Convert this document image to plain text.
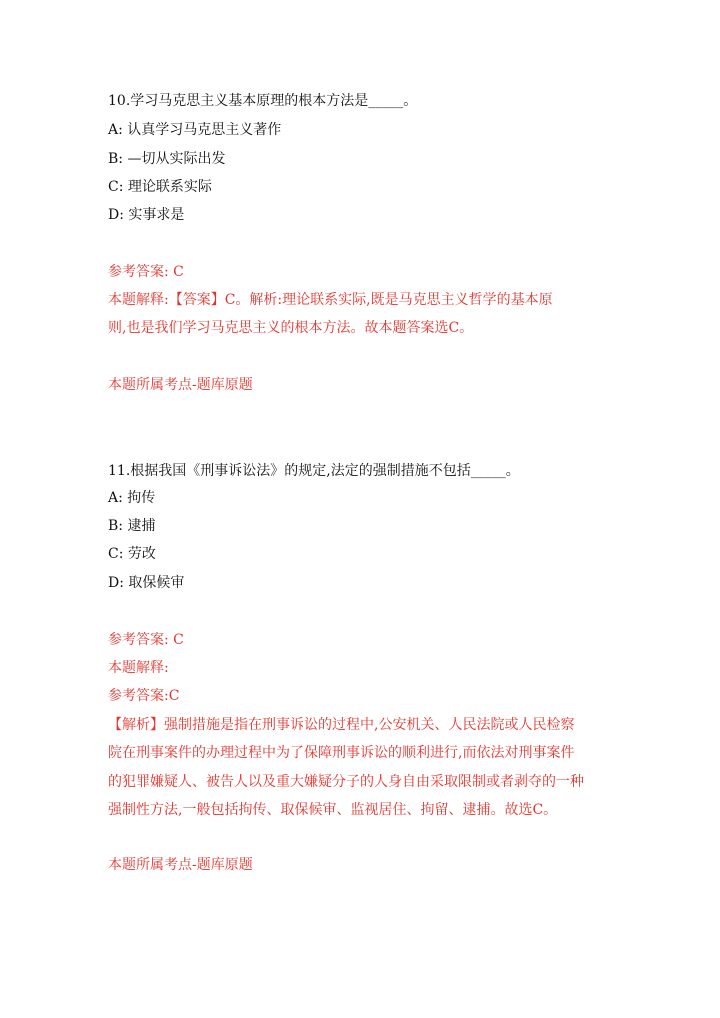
10.学习马克思主义基本原理的根本方法是_____。

A: 认真学习马克思主义著作

B: —切从实际出发

C: 理论联系实际

D: 实事求是

参考答案: C

本题解释:【答案】C。解析:理论联系实际,既是马克思主义哲学的基本原

则,也是我们学习马克思主义的根本方法。故本题答案选C。

本题所属考点-题库原题

11.根据我国《刑事诉讼法》的规定,法定的强制措施不包括_____。

A: 拘传

B: 逮捕

C: 劳改

D: 取保候审

参考答案: C

本题解释:

参考答案:C

【解析】强制措施是指在刑事诉讼的过程中,公安机关、人民法院或人民检察

院在刑事案件的办理过程中为了保障刑事诉讼的顺利进行,而依法对刑事案件

的犯罪嫌疑人、被告人以及重大嫌疑分子的人身自由采取限制或者剥夺的一种

强制性方法,一般包括拘传、取保候审、监视居住、拘留、逮捕。故选C。

本题所属考点-题库原题
